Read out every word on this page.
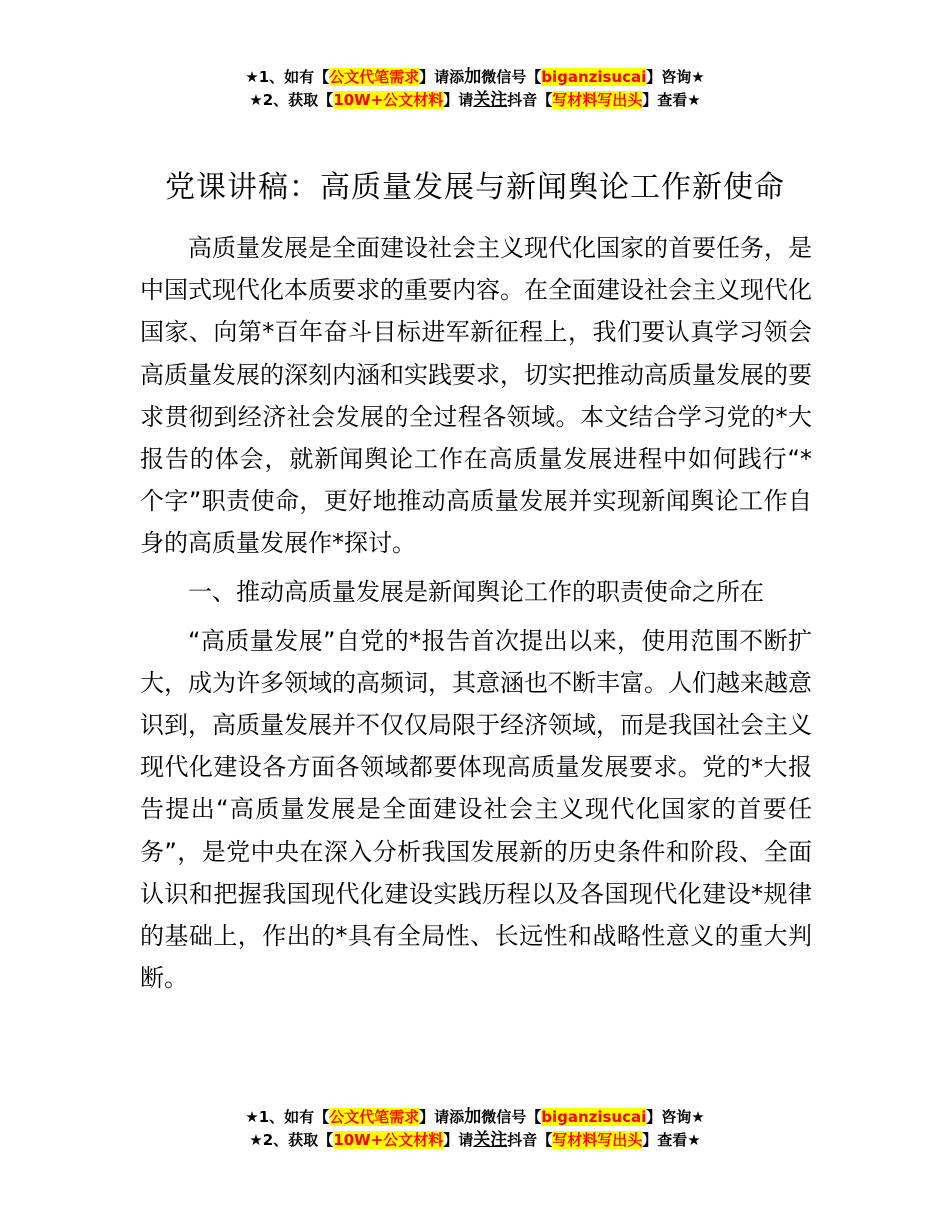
★1、如有【公文代笔需求】请添加微信号【biganzisucai】咨询★
★2、获取【10W+公文材料】请关注抖音【写材料写出头】查看★
党课讲稿：高质量发展与新闻舆论工作新使命

高质量发展是全面建设社会主义现代化国家的首要任务，是中国式现代化本质要求的重要内容。在全面建设社会主义现代化国家、向第*百年奋斗目标进军新征程上，我们要认真学习领会高质量发展的深刻内涵和实践要求，切实把推动高质量发展的要求贯彻到经济社会发展的全过程各领域。本文结合学习党的*大报告的体会，就新闻舆论工作在高质量发展进程中如何践行“*个字”职责使命，更好地推动高质量发展并实现新闻舆论工作自身的高质量发展作*探讨。

一、推动高质量发展是新闻舆论工作的职责使命之所在

“高质量发展”自党的*报告首次提出以来，使用范围不断扩大，成为许多领域的高频词，其意涵也不断丰富。人们越来越意识到，高质量发展并不仅仅局限于经济领域，而是我国社会主义现代化建设各方面各领域都要体现高质量发展要求。党的*大报告提出“高质量发展是全面建设社会主义现代化国家的首要任务”，是党中央在深入分析我国发展新的历史条件和阶段、全面认识和把握我国现代化建设实践历程以及各国现代化建设*规律的基础上，作出的*具有全局性、长远性和战略性意义的重大判断。

★1、如有【公文代笔需求】请添加微信号【biganzisucai】咨询★
★2、获取【10W+公文材料】请关注抖音【写材料写出头】查看★
